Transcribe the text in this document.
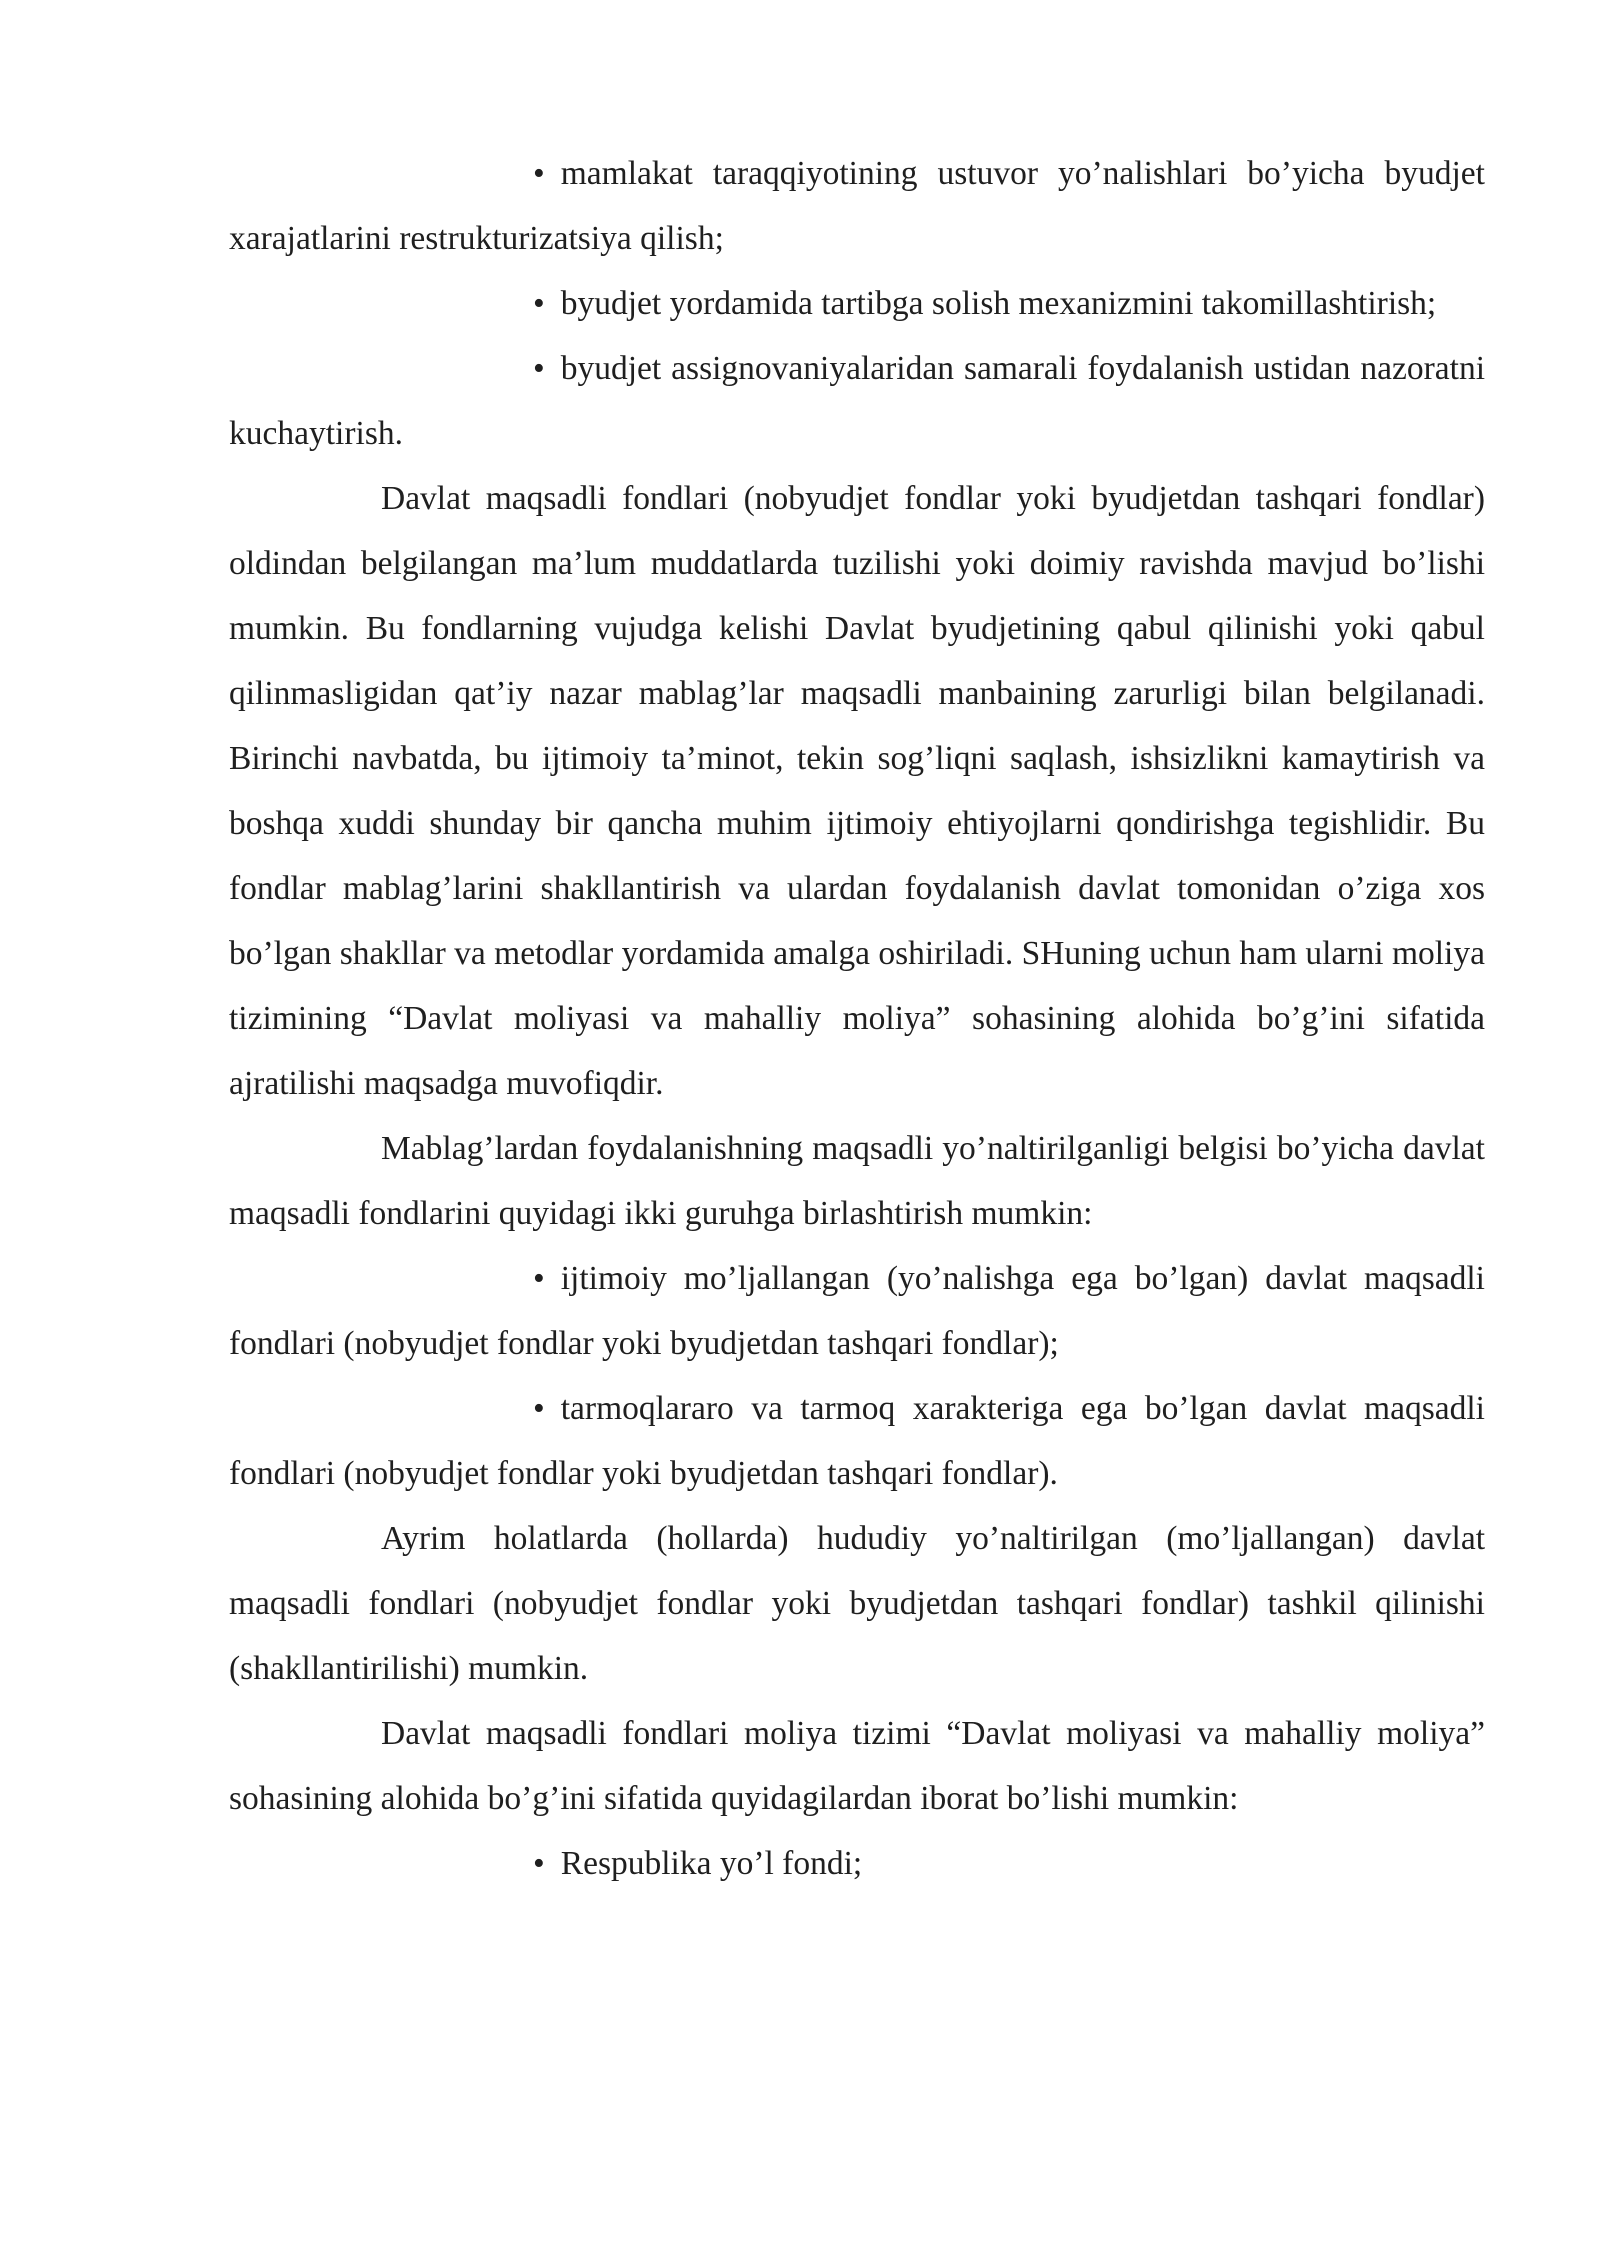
• mamlakat taraqqiyotining ustuvor yo’nalishlari bo’yicha byudjet xarajatlarini restrukturizatsiya qilish;

• byudjet yordamida tartibga solish mexanizmini takomillashtirish;

• byudjet assignovaniyalaridan samarali foydalanish ustidan nazoratni kuchaytirish.

Davlat maqsadli fondlari (nobyudjet fondlar yoki byudjetdan tashqari fondlar) oldindan belgilangan ma’lum muddatlarda tuzilishi yoki doimiy ravishda mavjud bo’lishi mumkin. Bu fondlarning vujudga kelishi Davlat byudjetining qabul qilinishi yoki qabul qilinmasligidan qat’iy nazar mablag’lar maqsadli manbaining zarurligi bilan belgilanadi. Birinchi navbatda, bu ijtimoiy ta’minot, tekin sog’liqni saqlash, ishsizlikni kamaytirish va boshqa xuddi shunday bir qancha muhim ijtimoiy ehtiyojlarni qondirishga tegishlidir. Bu fondlar mablag’larini shakllantirish va ulardan foydalanish davlat tomonidan o’ziga xos bo’lgan shakllar va metodlar yordamida amalga oshiriladi. SHuning uchun ham ularni moliya tizimining “Davlat moliyasi va mahalliy moliya” sohasining alohida bo’g’ini sifatida ajratilishi maqsadga muvofiqdir.

Mablag’lardan foydalanishning maqsadli yo’naltirilganligi belgisi bo’yicha davlat maqsadli fondlarini quyidagi ikki guruhga birlashtirish mumkin:

• ijtimoiy mo’ljallangan (yo’nalishga ega bo’lgan) davlat maqsadli fondlari (nobyudjet fondlar yoki byudjetdan tashqari fondlar);

• tarmoqlararo va tarmoq xarakteriga ega bo’lgan davlat maqsadli fondlari (nobyudjet fondlar yoki byudjetdan tashqari fondlar).

Ayrim holatlarda (hollarda) hududiy yo’naltirilgan (mo’ljallangan) davlat maqsadli fondlari (nobyudjet fondlar yoki byudjetdan tashqari fondlar) tashkil qilinishi (shakllantirilishi) mumkin.

Davlat maqsadli fondlari moliya tizimi “Davlat moliyasi va mahalliy moliya” sohasining alohida bo’g’ini sifatida quyidagilardan iborat bo’lishi mumkin:

• Respublika yo’l fondi;
